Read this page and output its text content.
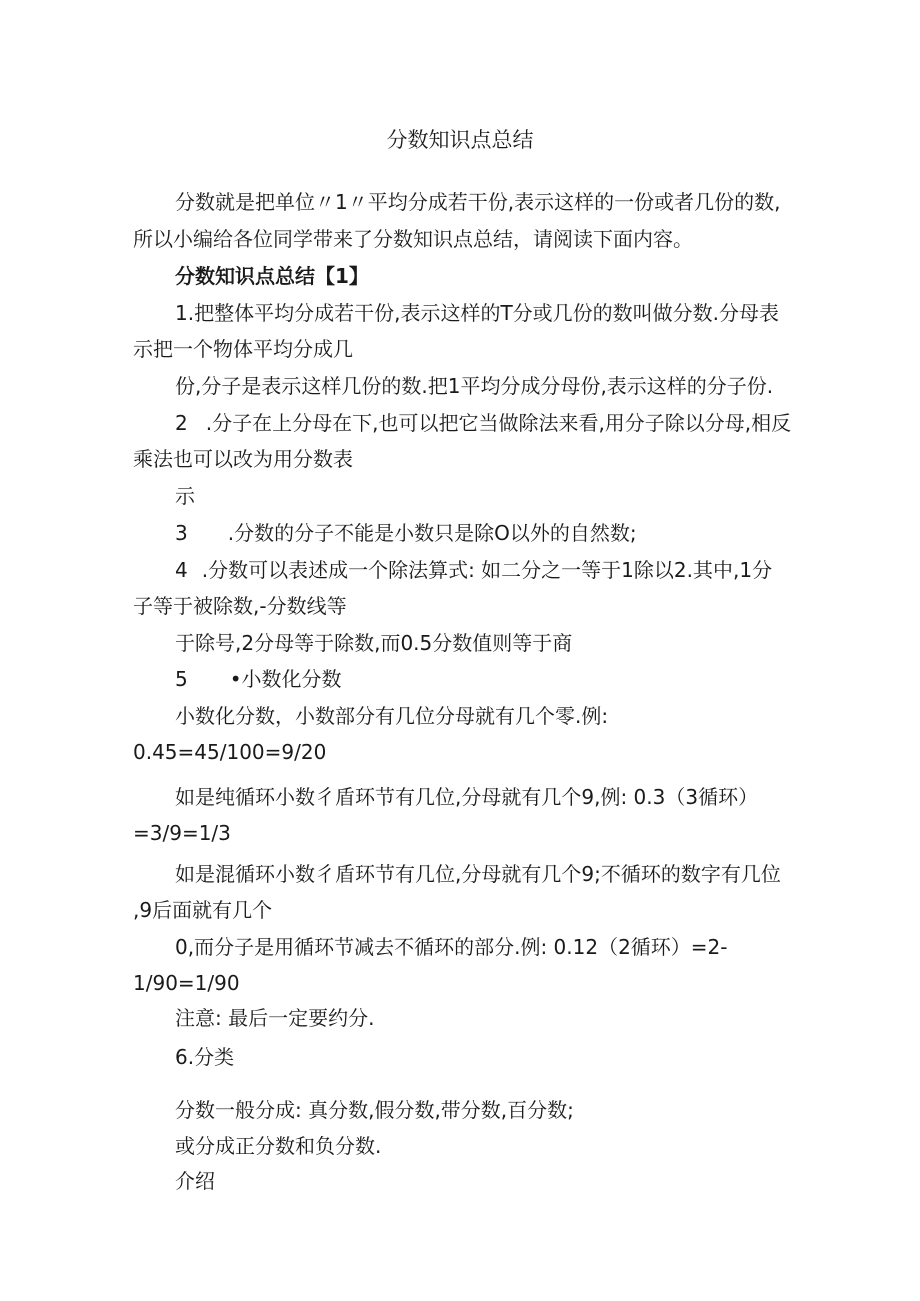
分数知识点总结

分数就是把单位〃1〃平均分成若干份,表示这样的一份或者几份的数,

所以小编给各位同学带来了分数知识点总结，请阅读下面内容。

分数知识点总结【1】

1.把整体平均分成若干份,表示这样的T分或几份的数叫做分数.分母表

示把一个物体平均分成几

份,分子是表示这样几份的数.把1平均分成分母份,表示这样的分子份.

2 .分子在上分母在下,也可以把它当做除法来看,用分子除以分母,相反

乘法也可以改为用分数表

示

3 .分数的分子不能是小数只是除O以外的自然数;

4 .分数可以表述成一个除法算式: 如二分之一等于1除以2.其中,1分

子等于被除数,-分数线等

于除号,2分母等于除数,而0.5分数值则等于商

5 •小数化分数

小数化分数，小数部分有几位分母就有几个零.例:

0.45=45/100=9/20

如是纯循环小数彳盾环节有几位,分母就有几个9,例: 0.3（3循环）

=3/9=1/3

如是混循环小数彳盾环节有几位,分母就有几个9;不循环的数字有几位

,9后面就有几个

0,而分子是用循环节减去不循环的部分.例: 0.12（2循环）=2-

1/90=1/90

注意: 最后一定要约分.

6.分类

分数一般分成: 真分数,假分数,带分数,百分数;

或分成正分数和负分数.

介绍
